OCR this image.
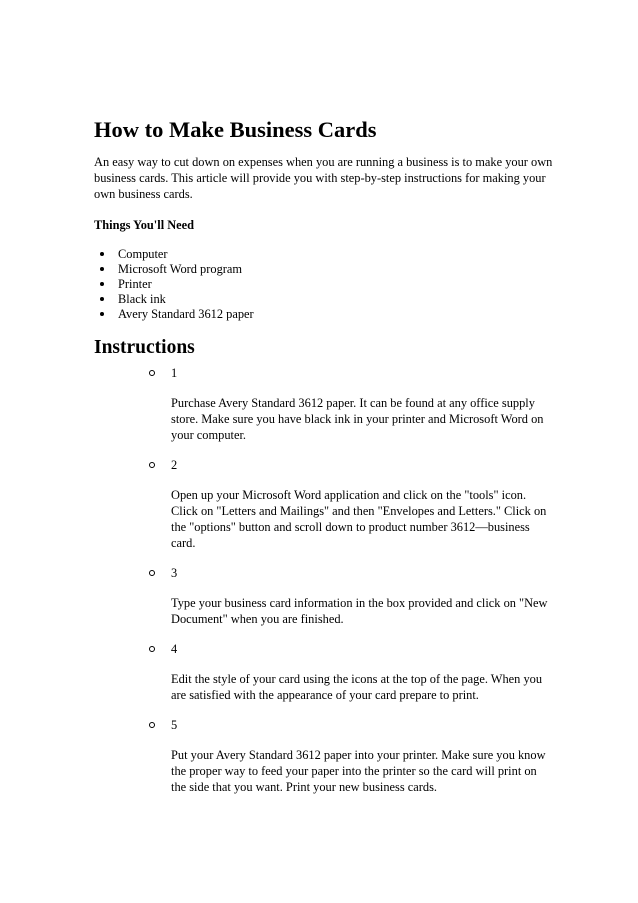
How to Make Business Cards

An easy way to cut down on expenses when you are running a business is to make your own business cards. This article will provide you with step-by-step instructions for making your own business cards.

Things You'll Need

Computer
Microsoft Word program
Printer
Black ink
Avery Standard 3612 paper
Instructions
1

Purchase Avery Standard 3612 paper. It can be found at any office supply store. Make sure you have black ink in your printer and Microsoft Word on your computer.

2

Open up your Microsoft Word application and click on the "tools" icon. Click on "Letters and Mailings" and then "Envelopes and Letters." Click on the "options" button and scroll down to product number 3612—business card.

3

Type your business card information in the box provided and click on "New Document" when you are finished.

4

Edit the style of your card using the icons at the top of the page. When you are satisfied with the appearance of your card prepare to print.

5

Put your Avery Standard 3612 paper into your printer. Make sure you know the proper way to feed your paper into the printer so the card will print on the side that you want. Print your new business cards.
